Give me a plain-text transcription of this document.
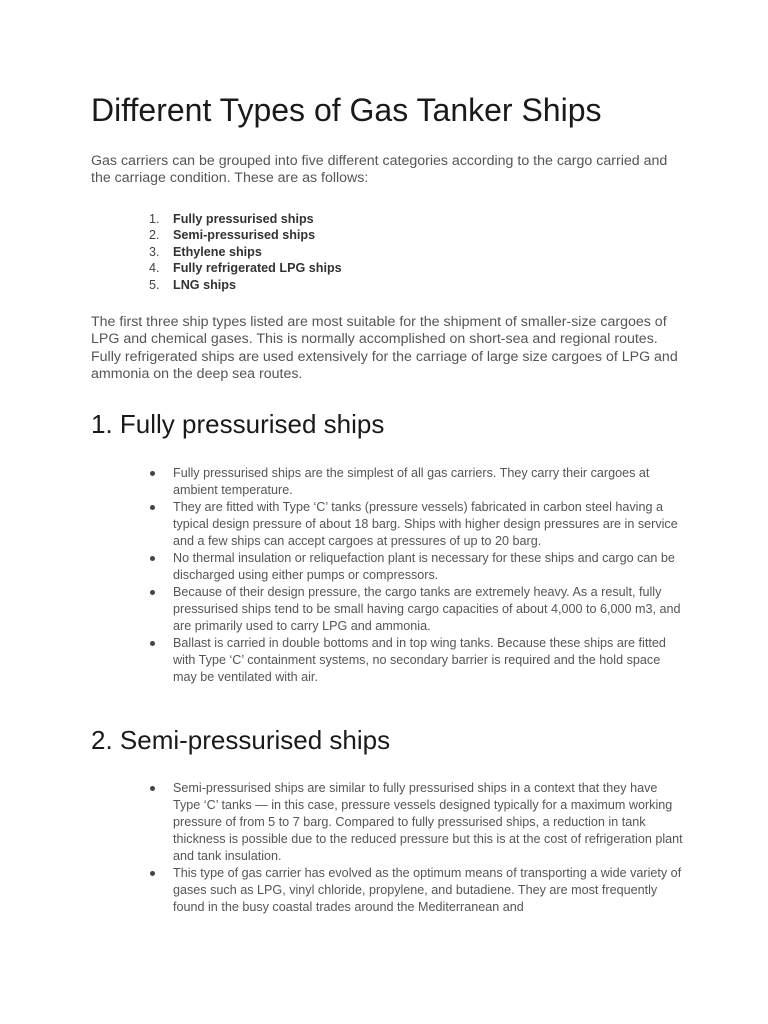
Different Types of Gas Tanker Ships

Gas carriers can be grouped into five different categories according to the cargo carried and the carriage condition. These are as follows:

1. Fully pressurised ships
2. Semi-pressurised ships
3. Ethylene ships
4. Fully refrigerated LPG ships
5. LNG ships

The first three ship types listed are most suitable for the shipment of smaller-size cargoes of LPG and chemical gases. This is normally accomplished on short-sea and regional routes. Fully refrigerated ships are used extensively for the carriage of large size cargoes of LPG and ammonia on the deep sea routes.

1. Fully pressurised ships
Fully pressurised ships are the simplest of all gas carriers. They carry their cargoes at ambient temperature.
They are fitted with Type ‘C’ tanks (pressure vessels) fabricated in carbon steel having a typical design pressure of about 18 barg. Ships with higher design pressures are in service and a few ships can accept cargoes at pressures of up to 20 barg.
No thermal insulation or reliquefaction plant is necessary for these ships and cargo can be discharged using either pumps or compressors.
Because of their design pressure, the cargo tanks are extremely heavy. As a result, fully pressurised ships tend to be small having cargo capacities of about 4,000 to 6,000 m3, and are primarily used to carry LPG and ammonia.
Ballast is carried in double bottoms and in top wing tanks. Because these ships are fitted with Type ‘C’ containment systems, no secondary barrier is required and the hold space may be ventilated with air.
2. Semi-pressurised ships
Semi-pressurised ships are similar to fully pressurised ships in a context that they have Type ‘C’ tanks — in this case, pressure vessels designed typically for a maximum working pressure of from 5 to 7 barg. Compared to fully pressurised ships, a reduction in tank thickness is possible due to the reduced pressure but this is at the cost of refrigeration plant and tank insulation.
This type of gas carrier has evolved as the optimum means of transporting a wide variety of gases such as LPG, vinyl chloride, propylene, and butadiene. They are most frequently found in the busy coastal trades around the Mediterranean and
